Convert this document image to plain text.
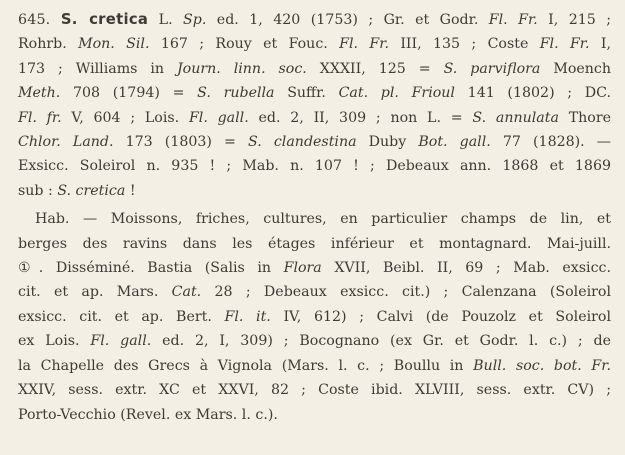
645. S. cretica L. Sp. ed. 1, 420 (1753) ; Gr. et Godr. Fl. Fr. I, 215 ;
Rohrb. Mon. Sil. 167 ; Rouy et Fouc. Fl. Fr. III, 135 ; Coste Fl. Fr. I,
173 ; Williams in Journ. linn. soc. XXXII, 125 = S. parviflora Moench
Meth. 708 (1794) = S. rubella Suffr. Cat. pl. Frioul 141 (1802) ; DC.
Fl. fr. V, 604 ; Lois. Fl. gall. ed. 2, II, 309 ; non L. = S. annulata Thore
Chlor. Land. 173 (1803) = S. clandestina Duby Bot. gall. 77 (1828). —
Exsicc. Soleirol n. 935 ! ; Mab. n. 107 ! ; Debeaux ann. 1868 et 1869
sub : S. cretica !
Hab. — Moissons, friches, cultures, en particulier champs de lin, et
berges des ravins dans les étages inférieur et montagnard. Mai-juill.
①. Disséminé. Bastia (Salis in Flora XVII, Beibl. II, 69 ; Mab. exsicc.
cit. et ap. Mars. Cat. 28 ; Debeaux exsicc. cit.) ; Calenzana (Soleirol
exsicc. cit. et ap. Bert. Fl. it. IV, 612) ; Calvi (de Pouzolz et Soleirol
ex Lois. Fl. gall. ed. 2, I, 309) ; Bocognano (ex Gr. et Godr. l. c.) ; de
la Chapelle des Grecs à Vignola (Mars. l. c. ; Boullu in Bull. soc. bot. Fr.
XXIV, sess. extr. XC et XXVI, 82 ; Coste ibid. XLVIII, sess. extr. CV) ;
Porto-Vecchio (Revel. ex Mars. l. c.).
